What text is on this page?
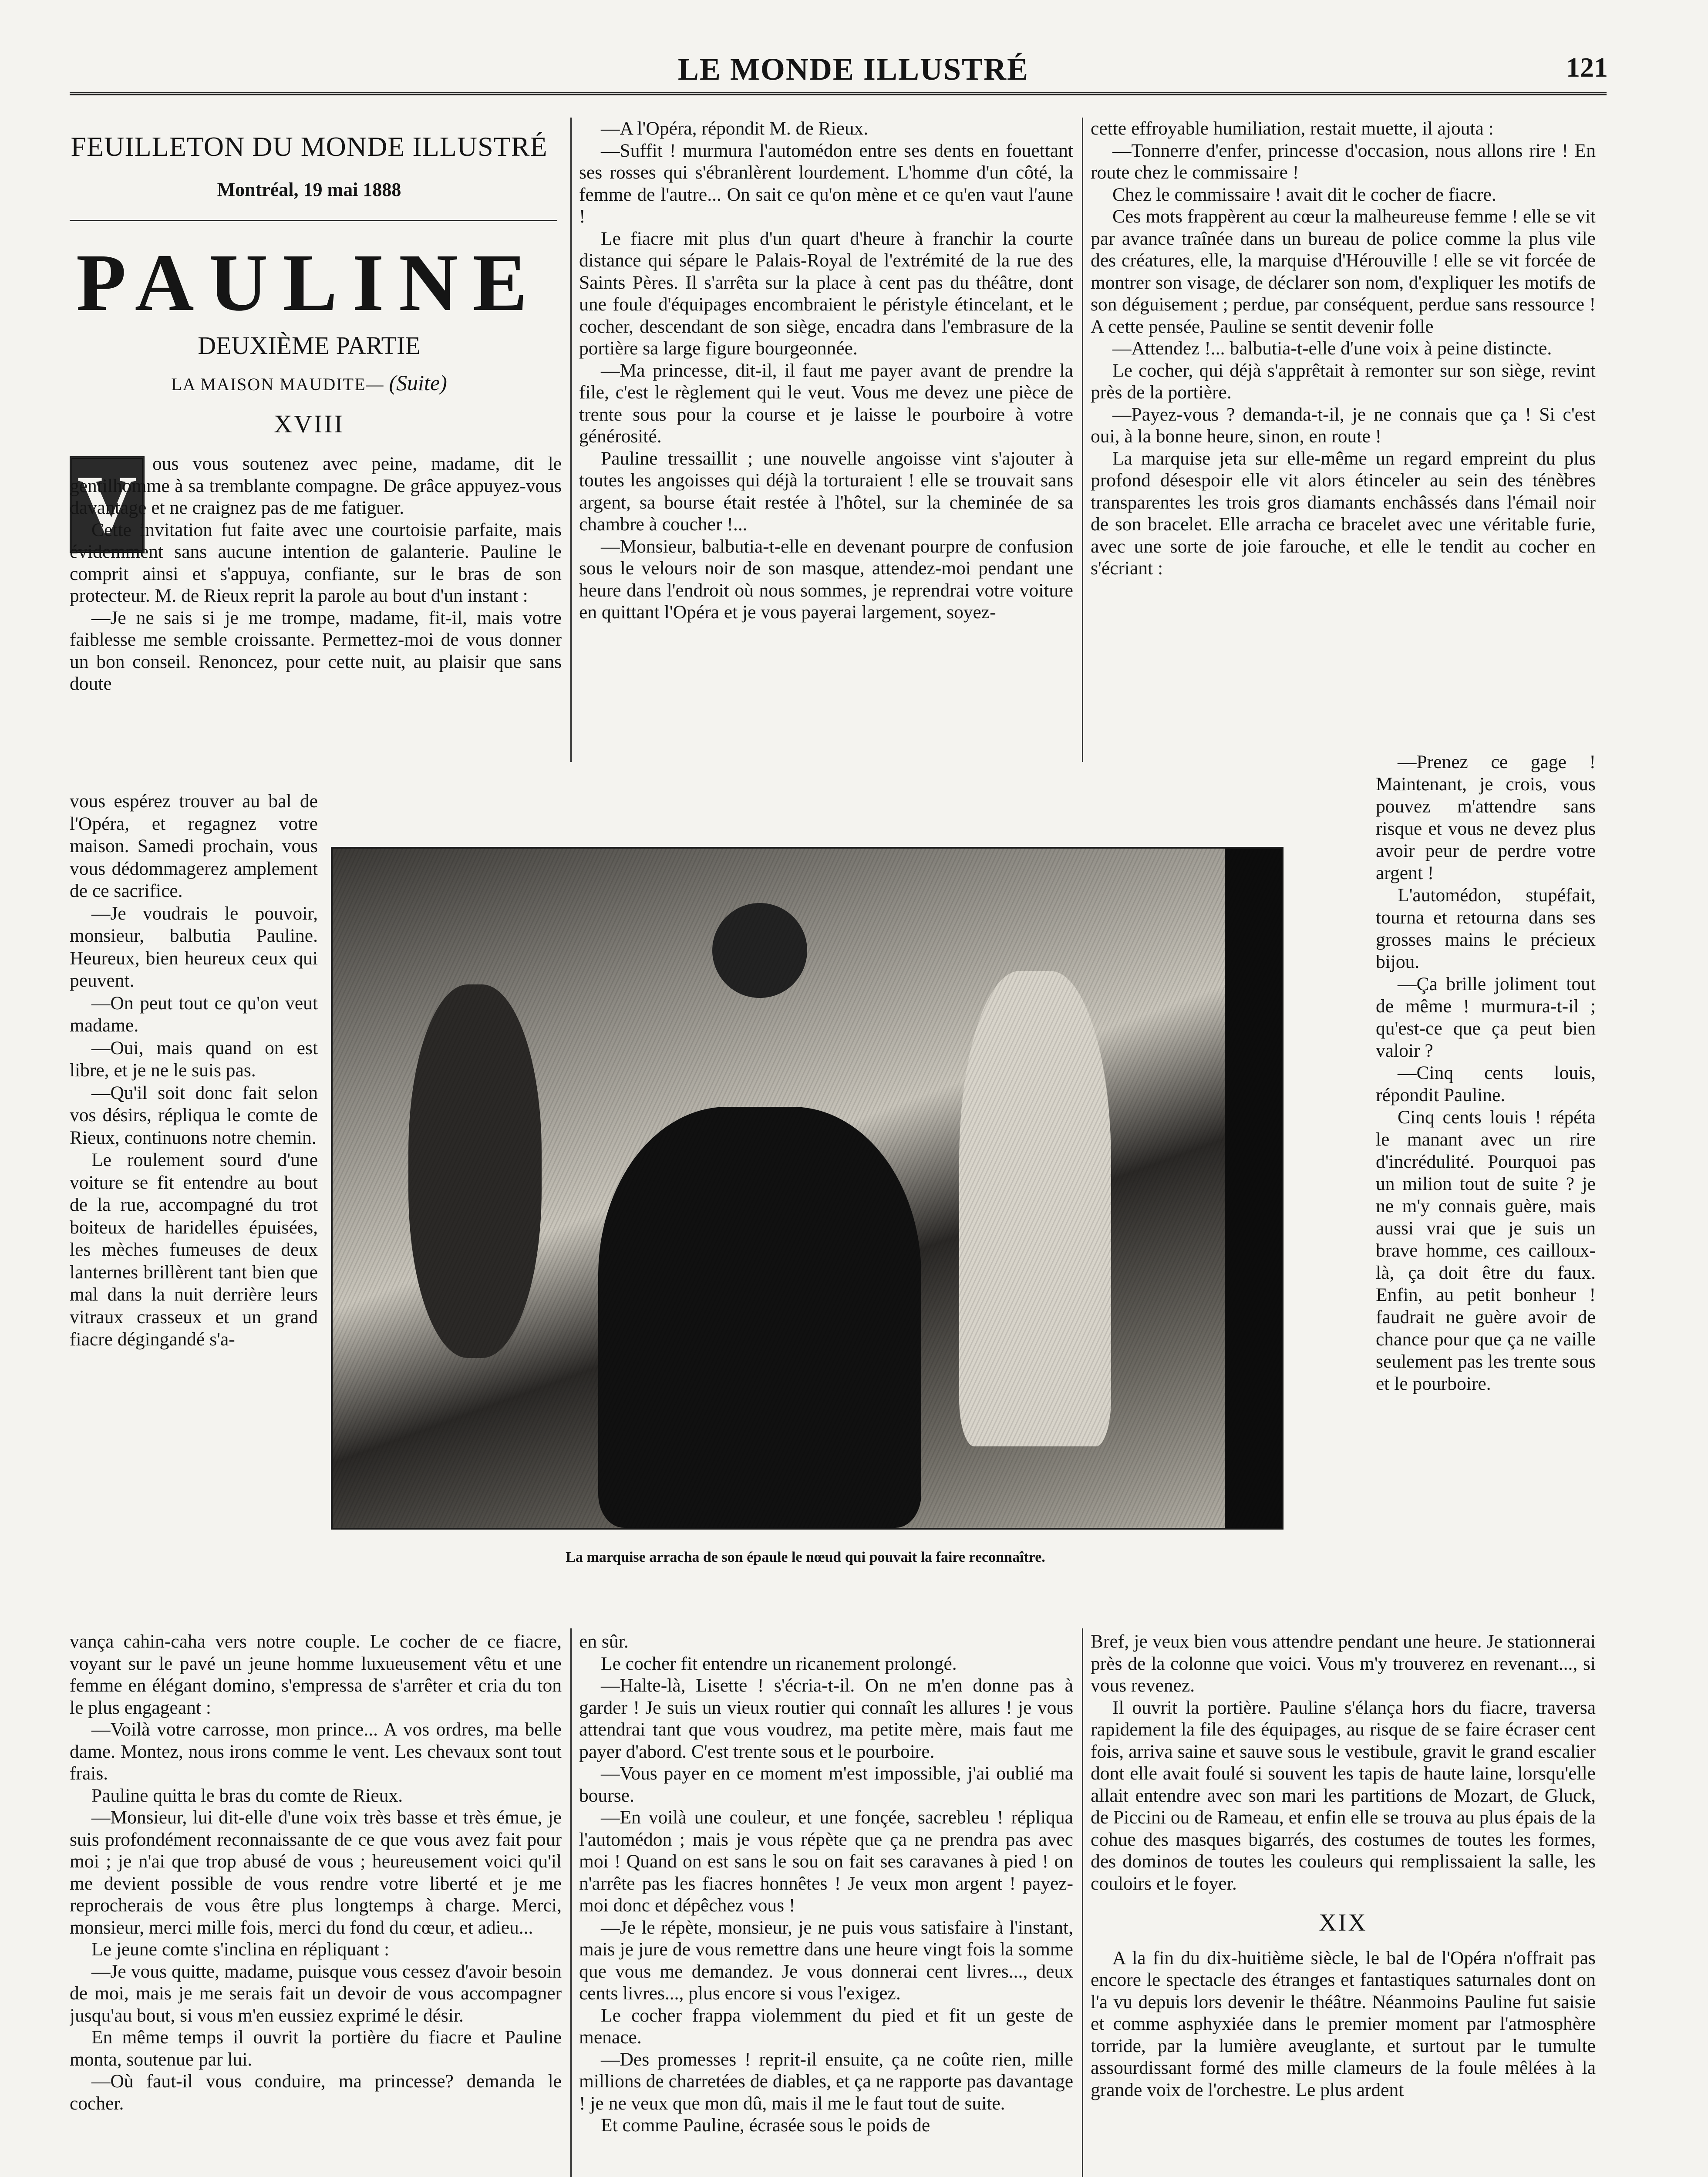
LE MONDE ILLUSTRÉ	121
FEUILLETON DU MONDE ILLUSTRÉ
Montréal, 19 mai 1888
PAULINE
DEUXIÈME PARTIE
LA MAISON MAUDITE— (Suite)
XVIII
V ous vous soutenez avec peine, madame, dit le gentilhomme à sa tremblante compagne. De grâce appuyez-vous davantage et ne craignez pas de me fatiguer.

Cette invitation fut faite avec une courtoisie parfaite, mais évidemment sans aucune intention de galanterie. Pauline le comprit ainsi et s'appuya, confiante, sur le bras de son protecteur. M. de Rieux reprit la parole au bout d'un instant :

—Je ne sais si je me trompe, madame, fit-il, mais votre faiblesse me semble croissante. Permettez-moi de vous donner un bon conseil. Renoncez, pour cette nuit, au plaisir que sans doute

vous espérez trouver au bal de l'Opéra, et regagnez votre maison. Samedi prochain, vous vous dédommagerez amplement de ce sacrifice.

—Je voudrais le pouvoir, monsieur, balbutia Pauline. Heureux, bien heureux ceux qui peuvent.

—On peut tout ce qu'on veut madame.

—Oui, mais quand on est libre, et je ne le suis pas.

—Qu'il soit donc fait selon vos désirs, répliqua le comte de Rieux, continuons notre chemin.

Le roulement sourd d'une voiture se fit entendre au bout de la rue, accompagné du trot boiteux de haridelles épuisées, les mèches fumeuses de deux lanternes brillèrent tant bien que mal dans la nuit derrière leurs vitraux crasseux et un grand fiacre dégingandé s'a-

vança cahin-caha vers notre couple. Le cocher de ce fiacre, voyant sur le pavé un jeune homme luxueusement vêtu et une femme en élégant domino, s'empressa de s'arrêter et cria du ton le plus engageant :

—Voilà votre carrosse, mon prince... A vos ordres, ma belle dame. Montez, nous irons comme le vent. Les chevaux sont tout frais.

Pauline quitta le bras du comte de Rieux.

—Monsieur, lui dit-elle d'une voix très basse et très émue, je suis profondément reconnaissante de ce que vous avez fait pour moi ; je n'ai que trop abusé de vous ; heureusement voici qu'il me devient possible de vous rendre votre liberté et je me reprocherais de vous être plus longtemps à charge. Merci, monsieur, merci mille fois, merci du fond du cœur, et adieu...

Le jeune comte s'inclina en répliquant :

—Je vous quitte, madame, puisque vous cessez d'avoir besoin de moi, mais je me serais fait un devoir de vous accompagner jusqu'au bout, si vous m'en eussiez exprimé le désir.

En même temps il ouvrit la portière du fiacre et Pauline monta, soutenue par lui.

—Où faut-il vous conduire, ma princesse? demanda le cocher.

—A l'Opéra, répondit M. de Rieux.

—Suffit ! murmura l'automédon entre ses dents en fouettant ses rosses qui s'ébranlèrent lourdement. L'homme d'un côté, la femme de l'autre... On sait ce qu'on mène et ce qu'en vaut l'aune !

Le fiacre mit plus d'un quart d'heure à franchir la courte distance qui sépare le Palais-Royal de l'extrémité de la rue des Saints Pères. Il s'arrêta sur la place à cent pas du théâtre, dont une foule d'équipages encombraient le péristyle étincelant, et le cocher, descendant de son siège, encadra dans l'embrasure de la portière sa large figure bourgeonnée.

—Ma princesse, dit-il, il faut me payer avant de prendre la file, c'est le règlement qui le veut. Vous me devez une pièce de trente sous pour la course et je laisse le pourboire à votre générosité.

Pauline tressaillit ; une nouvelle angoisse vint s'ajouter à toutes les angoisses qui déjà la torturaient ! elle se trouvait sans argent, sa bourse était restée à l'hôtel, sur la cheminée de sa chambre à coucher !...

—Monsieur, balbutia-t-elle en devenant pourpre de confusion sous le velours noir de son masque, attendez-moi pendant une heure dans l'endroit où nous sommes, je reprendrai votre voiture en quittant l'Opéra et je vous payerai largement, soyez-

en sûr.

Le cocher fit entendre un ricanement prolongé.

—Halte-là, Lisette ! s'écria-t-il. On ne m'en donne pas à garder ! Je suis un vieux routier qui connaît les allures ! je vous attendrai tant que vous voudrez, ma petite mère, mais faut me payer d'abord. C'est trente sous et le pourboire.

—Vous payer en ce moment m'est impossible, j'ai oublié ma bourse.

—En voilà une couleur, et une fonçée, sacrebleu ! répliqua l'automédon ; mais je vous répète que ça ne prendra pas avec moi ! Quand on est sans le sou on fait ses caravanes à pied ! on n'arrête pas les fiacres honnêtes ! Je veux mon argent ! payez-moi donc et dépêchez vous !

—Je le répète, monsieur, je ne puis vous satisfaire à l'instant, mais je jure de vous remettre dans une heure vingt fois la somme que vous me demandez. Je vous donnerai cent livres..., deux cents livres..., plus encore si vous l'exigez.

Le cocher frappa violemment du pied et fit un geste de menace.

—Des promesses ! reprit-il ensuite, ça ne coûte rien, mille millions de charretées de diables, et ça ne rapporte pas davantage ! je ne veux que mon dû, mais il me le faut tout de suite.

Et comme Pauline, écrasée sous le poids de

cette effroyable humiliation, restait muette, il ajouta :

—Tonnerre d'enfer, princesse d'occasion, nous allons rire ! En route chez le commissaire !

Chez le commissaire ! avait dit le cocher de fiacre.

Ces mots frappèrent au cœur la malheureuse femme ! elle se vit par avance traînée dans un bureau de police comme la plus vile des créatures, elle, la marquise d'Hérouville ! elle se vit forcée de montrer son visage, de déclarer son nom, d'expliquer les motifs de son déguisement ; perdue, par conséquent, perdue sans ressource ! A cette pensée, Pauline se sentit devenir folle

—Attendez !... balbutia-t-elle d'une voix à peine distincte.

Le cocher, qui déjà s'apprêtait à remonter sur son siège, revint près de la portière.

—Payez-vous ? demanda-t-il, je ne connais que ça ! Si c'est oui, à la bonne heure, sinon, en route !

La marquise jeta sur elle-même un regard empreint du plus profond désespoir elle vit alors étinceler au sein des ténèbres transparentes les trois gros diamants enchâssés dans l'émail noir de son bracelet. Elle arracha ce bracelet avec une véritable furie, avec une sorte de joie farouche, et elle le tendit au cocher en s'écriant :

—Prenez ce gage ! Maintenant, je crois, vous pouvez m'attendre sans risque et vous ne devez plus avoir peur de perdre votre argent !

L'automédon, stupéfait, tourna et retourna dans ses grosses mains le précieux bijou.

—Ça brille joliment tout de même ! murmura-t-il ; qu'est-ce que ça peut bien valoir ?

—Cinq cents louis, répondit Pauline.

Cinq cents louis ! répéta le manant avec un rire d'incrédulité. Pourquoi pas un milion tout de suite ? je ne m'y connais guère, mais aussi vrai que je suis un brave homme, ces cailloux-là, ça doit être du faux. Enfin, au petit bonheur ! faudrait ne guère avoir de chance pour que ça ne vaille seulement pas les trente sous et le pourboire.

Bref, je veux bien vous attendre pendant une heure. Je stationnerai près de la colonne que voici. Vous m'y trouverez en revenant..., si vous revenez.

Il ouvrit la portière. Pauline s'élança hors du fiacre, traversa rapidement la file des équipages, au risque de se faire écraser cent fois, arriva saine et sauve sous le vestibule, gravit le grand escalier dont elle avait foulé si souvent les tapis de haute laine, lorsqu'elle allait entendre avec son mari les partitions de Mozart, de Gluck, de Piccini ou de Rameau, et enfin elle se trouva au plus épais de la cohue des masques bigarrés, des costumes de toutes les formes, des dominos de toutes les couleurs qui remplissaient la salle, les couloirs et le foyer.

XIX

A la fin du dix-huitième siècle, le bal de l'Opéra n'offrait pas encore le spectacle des étranges et fantastiques saturnales dont on l'a vu depuis lors devenir le théâtre. Néanmoins Pauline fut saisie et comme asphyxiée dans le premier moment par l'atmosphère torride, par la lumière aveuglante, et surtout par le tumulte assourdissant formé des mille clameurs de la foule mêlées à la grande voix de l'orchestre. Le plus ardent

La marquise arracha de son épaule le nœud qui pouvait la faire reconnaître.
